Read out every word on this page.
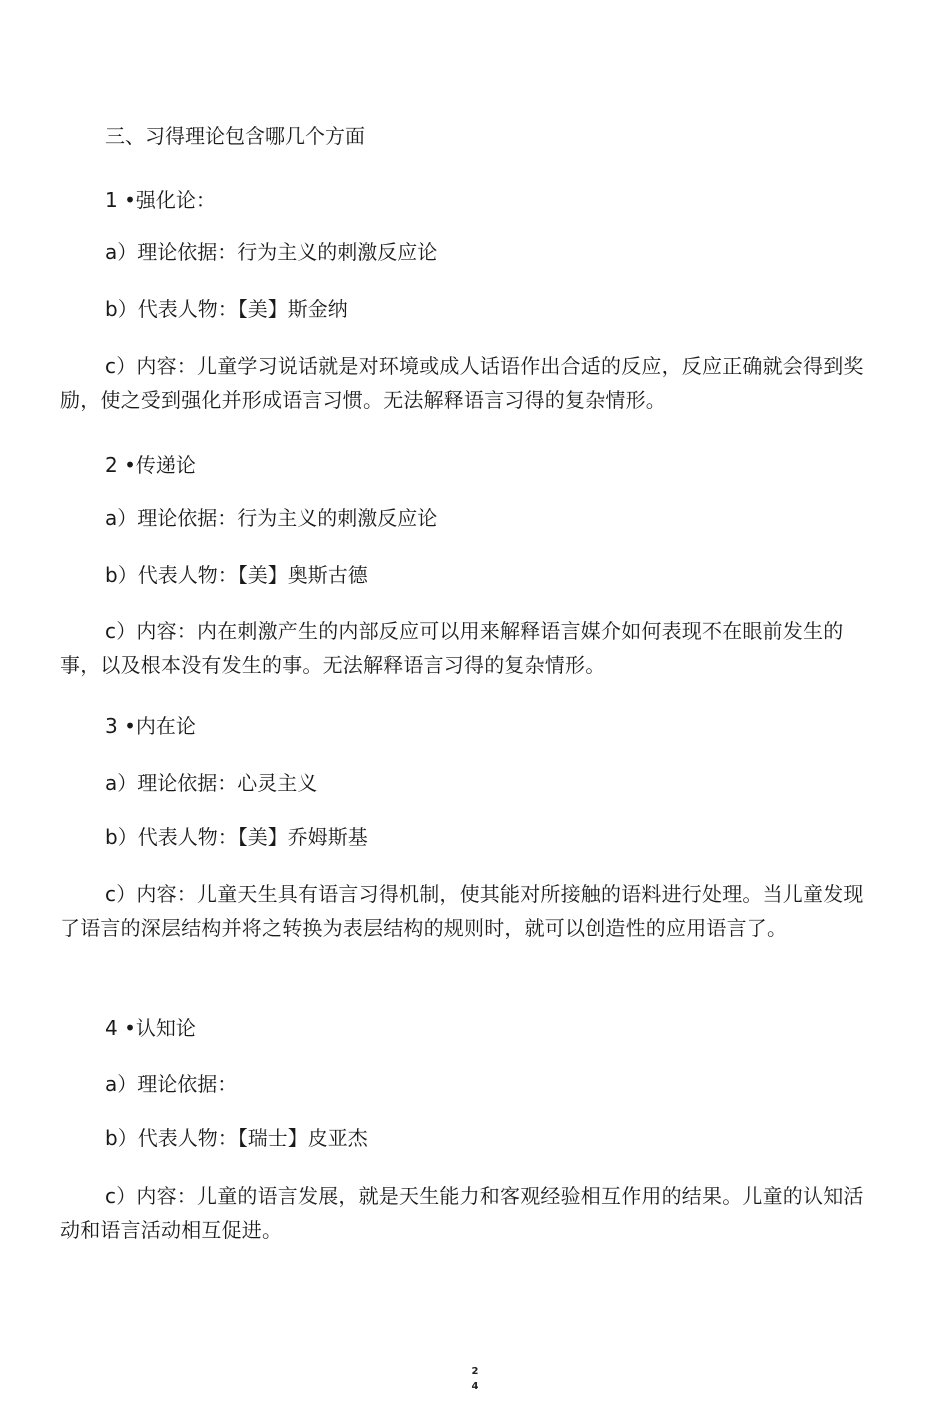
三、习得理论包含哪几个方面
1 •强化论：
a）理论依据：行为主义的刺激反应论
b）代表人物：【美】斯金纳
c）内容：儿童学习说话就是对环境或成人话语作出合适的反应，反应正确就会得到奖励，使之受到强化并形成语言习惯。无法解释语言习得的复杂情形。
2 •传递论
a）理论依据：行为主义的刺激反应论
b）代表人物：【美】奥斯古德
c）内容：内在刺激产生的内部反应可以用来解释语言媒介如何表现不在眼前发生的事，以及根本没有发生的事。无法解释语言习得的复杂情形。
3 •内在论
a）理论依据：心灵主义
b）代表人物：【美】乔姆斯基
c）内容：儿童天生具有语言习得机制，使其能对所接触的语料进行处理。当儿童发现了语言的深层结构并将之转换为表层结构的规则时，就可以创造性的应用语言了。
4 •认知论
a）理论依据：
b）代表人物：【瑞士】皮亚杰
c）内容：儿童的语言发展，就是天生能力和客观经验相互作用的结果。儿童的认知活动和语言活动相互促进。
2
4
